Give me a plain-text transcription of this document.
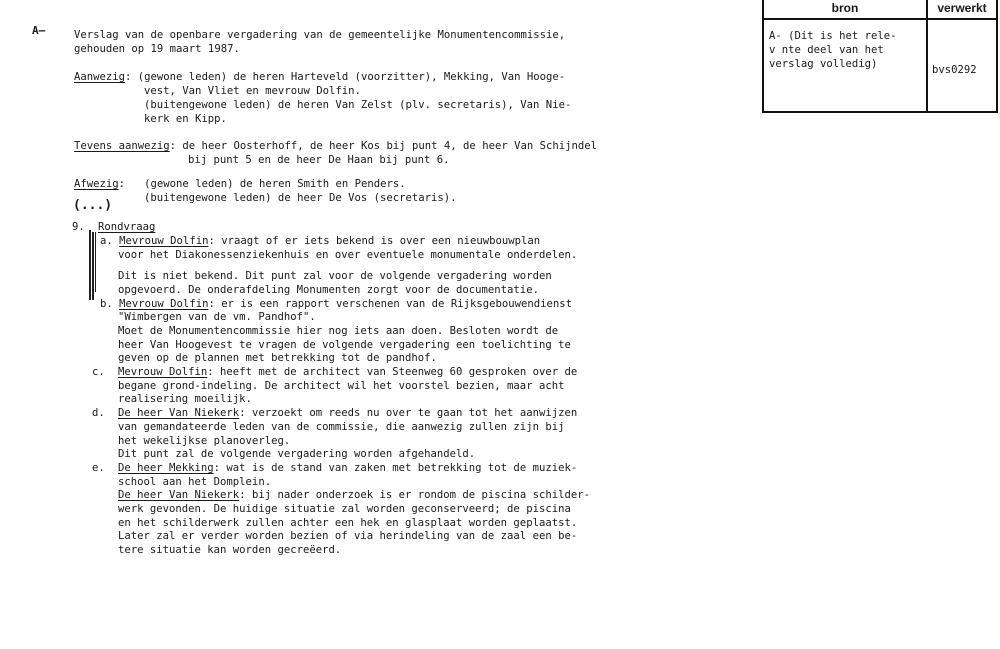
A—	Verslag van de openbare vergadering van de gemeentelijke Monumentencommissie,
gehouden op 19 maart 1987.
Aanwezig: (gewone leden) de heren Harteveld (voorzitter), Mekking, Van Hooge-
vest, Van Vliet en mevrouw Dolfin.
(buitengewone leden) de heren Van Zelst (plv. secretaris), Van Nie-
kerk en Kipp.
Tevens aanwezig: de heer Oosterhoff, de heer Kos bij punt 4, de heer Van Schijndel
bij punt 5 en de heer De Haan bij punt 6.
Afwezig:   (gewone leden) de heren Smith en Penders.
(buitengewone leden) de heer De Vos (secretaris).
(...)
9. Rondvraag
a. Mevrouw Dolfin: vraagt of er iets bekend is over een nieuwbouwplan
voor het Diakonessenziekenhuis en over eventuele monumentale onderdelen.
Dit is niet bekend. Dit punt zal voor de volgende vergadering worden
opgevoerd. De onderafdeling Monumenten zorgt voor de documentatie.
b. Mevrouw Dolfin: er is een rapport verschenen van de Rijksgebouwendienst
"Wimbergen van de vm. Pandhof".
Moet de Monumentencommissie hier nog iets aan doen. Besloten wordt de
heer Van Hoogevest te vragen de volgende vergadering een toelichting te
geven op de plannen met betrekking tot de pandhof.
c. Mevrouw Dolfin: heeft met de architect van Steenweg 60 gesproken over de
begane grond-indeling. De architect wil het voorstel bezien, maar acht
realisering moeilijk.
d. De heer Van Niekerk: verzoekt om reeds nu over te gaan tot het aanwijzen
van gemandateerde leden van de commissie, die aanwezig zullen zijn bij
het wekelijkse planoverleg.
Dit punt zal de volgende vergadering worden afgehandeld.
e. De heer Mekking: wat is de stand van zaken met betrekking tot de muziek-
school aan het Domplein.
De heer Van Niekerk: bij nader onderzoek is er rondom de piscina schilder-
werk gevonden. De huidige situatie zal worden geconserveerd; de piscina
en het schilderwerk zullen achter een hek en glasplaat worden geplaatst.
Later zal er verder worden bezien of via herindeling van de zaal een be-
tere situatie kan worden gecreëerd.
bron	verwerkt
A- (Dit is het rele-
v nte deel van het
verslag volledig)	bvs0292
